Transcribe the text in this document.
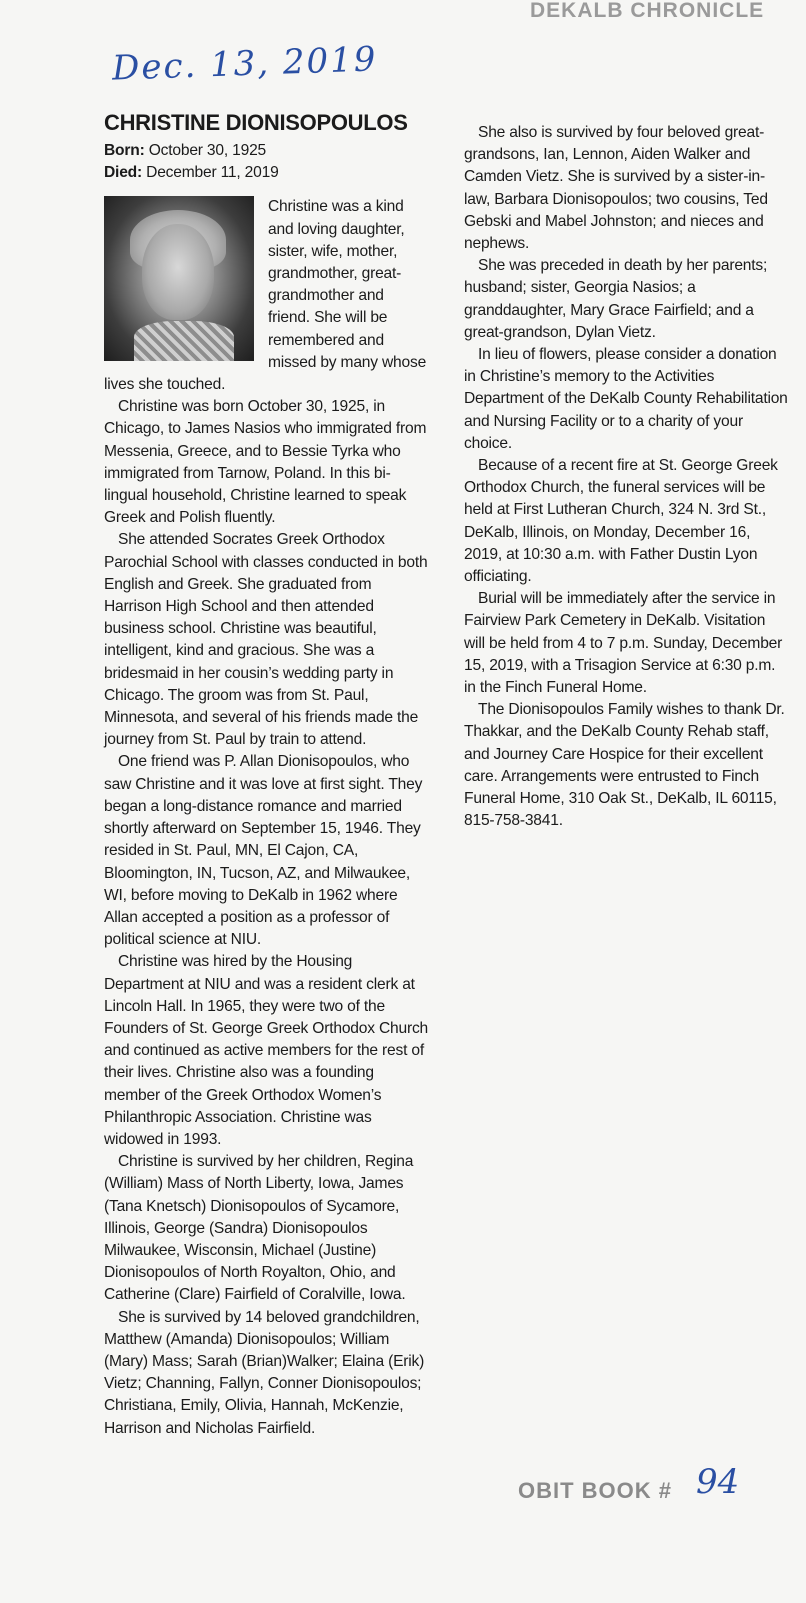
DEKALB CHRONICLE
Dec. 13, 2019
CHRISTINE DIONISOPOULOS

Born: October 30, 1925

Died: December 11, 2019

Christine was a kind and loving daughter, sister, wife, mother, grandmother, great-grandmother and friend. She will be remembered and missed by many whose lives she touched.

Christine was born October 30, 1925, in Chicago, to James Nasios who immigrated from Messenia, Greece, and to Bessie Tyrka who immigrated from Tarnow, Poland. In this bi-lingual household, Christine learned to speak Greek and Polish fluently.

She attended Socrates Greek Orthodox Parochial School with classes conducted in both English and Greek. She graduated from Harrison High School and then attended business school. Christine was beautiful, intelligent, kind and gracious. She was a bridesmaid in her cousin’s wedding party in Chicago. The groom was from St. Paul, Minnesota, and several of his friends made the journey from St. Paul by train to attend.

One friend was P. Allan Dionisopoulos, who saw Christine and it was love at first sight. They began a long-distance romance and married shortly afterward on September 15, 1946. They resided in St. Paul, MN, El Cajon, CA, Bloomington, IN, Tucson, AZ, and Milwaukee, WI, before moving to DeKalb in 1962 where Allan accepted a position as a professor of political science at NIU.

Christine was hired by the Housing Department at NIU and was a resident clerk at Lincoln Hall. In 1965, they were two of the Founders of St. George Greek Orthodox Church and continued as active members for the rest of their lives. Christine also was a founding member of the Greek Orthodox Women’s Philanthropic Association. Christine was widowed in 1993.

Christine is survived by her children, Regina (William) Mass of North Liberty, Iowa, James (Tana Knetsch) Dionisopoulos of Sycamore, Illinois, George (Sandra) Dionisopoulos Milwaukee, Wisconsin, Michael (Justine) Dionisopoulos of North Royalton, Ohio, and Catherine (Clare) Fairfield of Coralville, Iowa.

She is survived by 14 beloved grandchildren, Matthew (Amanda) Dionisopoulos; William (Mary) Mass; Sarah (Brian)Walker; Elaina (Erik) Vietz; Channing, Fallyn, Conner Dionisopoulos; Christiana, Emily, Olivia, Hannah, McKenzie, Harrison and Nicholas Fairfield.

She also is survived by four beloved great-grandsons, Ian, Lennon, Aiden Walker and Camden Vietz. She is survived by a sister-in-law, Barbara Dionisopoulos; two cousins, Ted Gebski and Mabel Johnston; and nieces and nephews.

She was preceded in death by her parents; husband; sister, Georgia Nasios; a granddaughter, Mary Grace Fairfield; and a great-grandson, Dylan Vietz.

In lieu of flowers, please consider a donation in Christine’s memory to the Activities Department of the DeKalb County Rehabilitation and Nursing Facility or to a charity of your choice.

Because of a recent fire at St. George Greek Orthodox Church, the funeral services will be held at First Lutheran Church, 324 N. 3rd St., DeKalb, Illinois, on Monday, December 16, 2019, at 10:30 a.m. with Father Dustin Lyon officiating.

Burial will be immediately after the service in Fairview Park Cemetery in DeKalb. Visitation will be held from 4 to 7 p.m. Sunday, December 15, 2019, with a Trisagion Service at 6:30 p.m. in the Finch Funeral Home.

The Dionisopoulos Family wishes to thank Dr. Thakkar, and the DeKalb County Rehab staff, and Journey Care Hospice for their excellent care. Arrangements were entrusted to Finch Funeral Home, 310 Oak St., DeKalb, IL 60115, 815-758-3841.

OBIT BOOK # 94
